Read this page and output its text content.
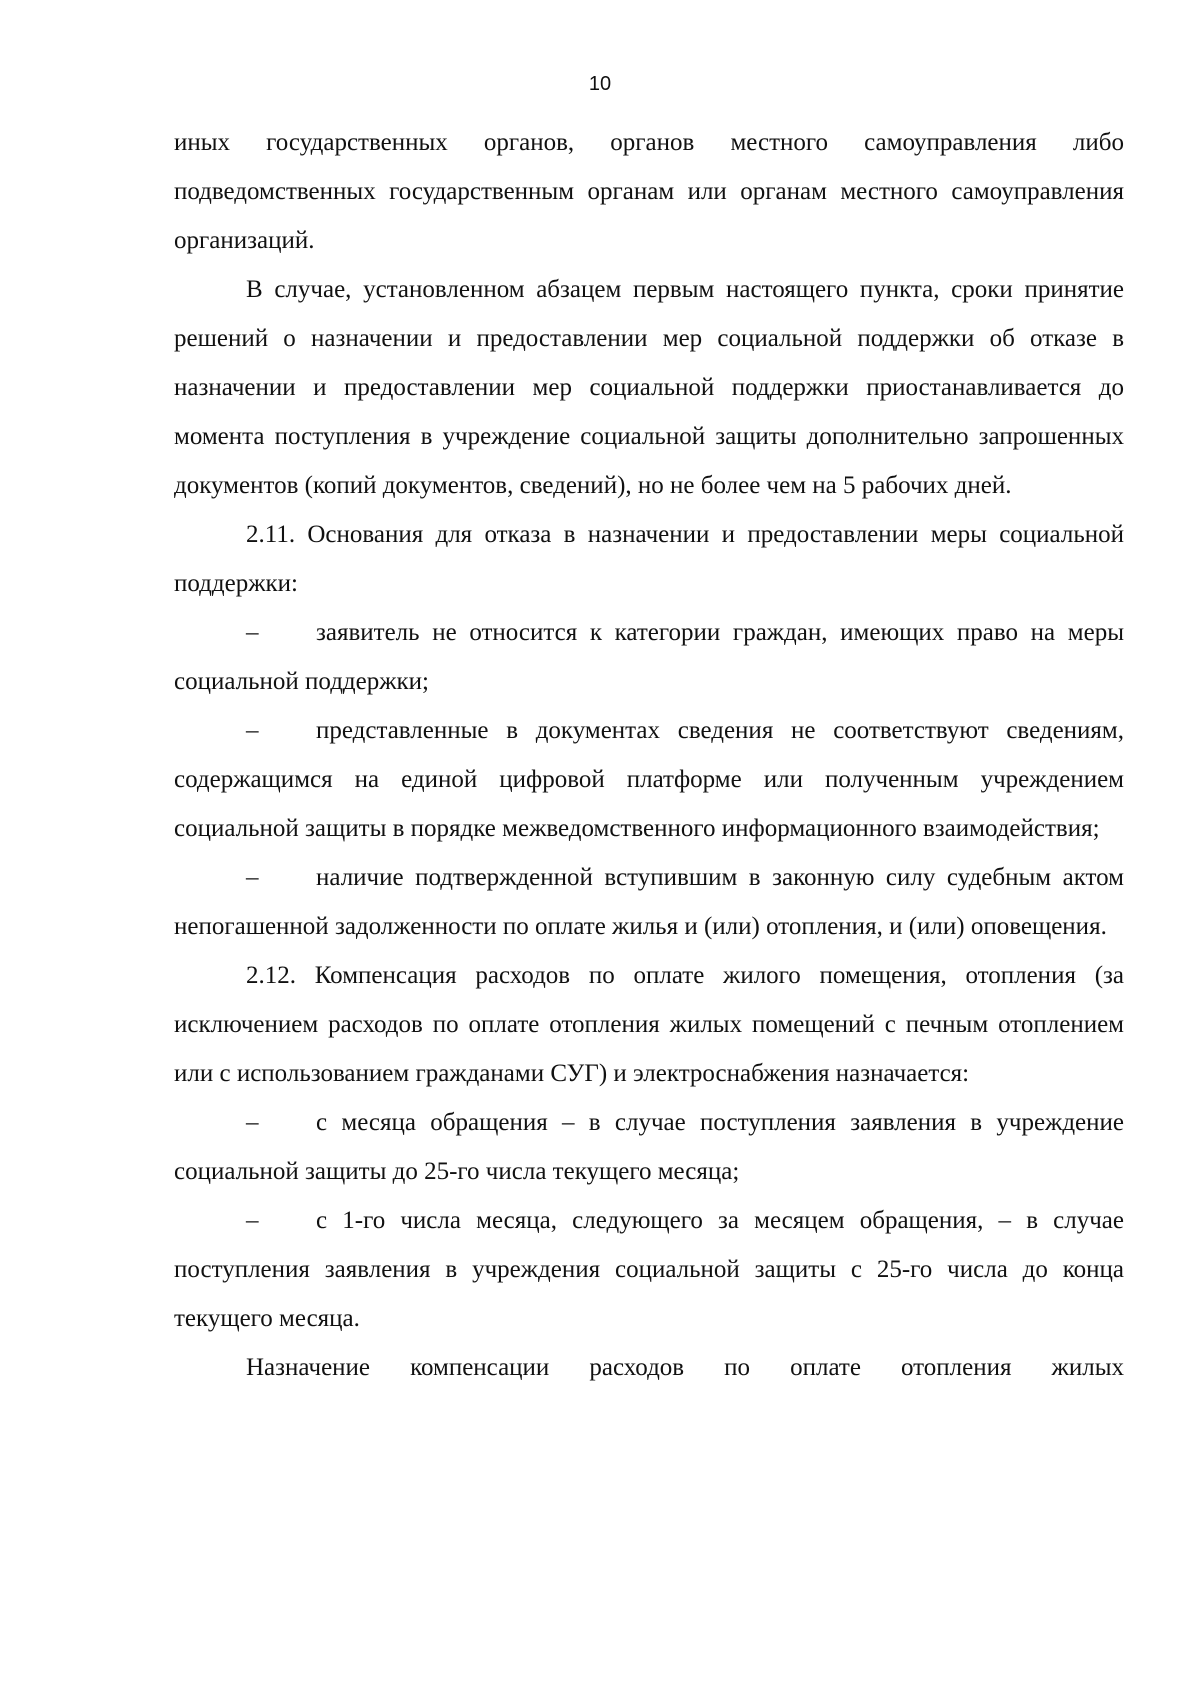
10

иных государственных органов, органов местного самоуправления либо подведомственных государственным органам или органам местного самоуправления организаций.

В случае, установленном абзацем первым настоящего пункта, сроки принятие решений о назначении и предоставлении мер социальной поддержки об отказе в назначении и предоставлении мер социальной поддержки приостанавливается до момента поступления в учреждение социальной защиты дополнительно запрошенных документов (копий документов, сведений), но не более чем на 5 рабочих дней.

2.11. Основания для отказа в назначении и предоставлении меры социальной поддержки:

– заявитель не относится к категории граждан, имеющих право на меры социальной поддержки;

– представленные в документах сведения не соответствуют сведениям, содержащимся на единой цифровой платформе или полученным учреждением социальной защиты в порядке межведомственного информационного взаимодействия;

– наличие подтвержденной вступившим в законную силу судебным актом непогашенной задолженности по оплате жилья и (или) отопления, и (или) оповещения.

2.12. Компенсация расходов по оплате жилого помещения, отопления (за исключением расходов по оплате отопления жилых помещений с печным отоплением или с использованием гражданами СУГ) и электроснабжения назначается:

– с месяца обращения – в случае поступления заявления в учреждение социальной защиты до 25-го числа текущего месяца;

– с 1-го числа месяца, следующего за месяцем обращения, – в случае поступления заявления в учреждения социальной защиты с 25-го числа до конца текущего месяца.

Назначение компенсации расходов по оплате отопления жилых
